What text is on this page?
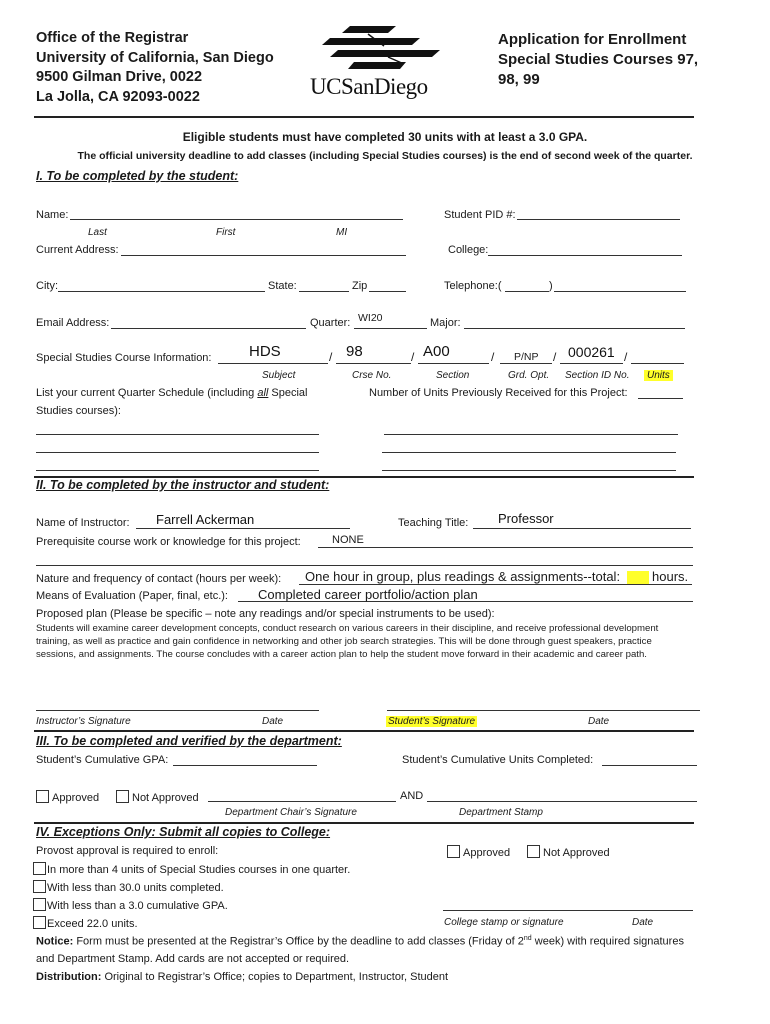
Office of the Registrar
University of California, San Diego
9500 Gilman Drive, 0022
La Jolla, CA 92093-0022	UCSanDiego
Application for Enrollment
Special Studies Courses 97,
98, 99
Eligible students must have completed 30 units with at least a 3.0 GPA.
The official university deadline to add classes (including Special Studies courses) is the end of second week of the quarter.
I. To be completed by the student:
Name:	Student PID #:
Last	First	MI
Current Address:	College:
City:	State:	Zip	Telephone:(	)
Email Address:	Quarter: WI20	Major:
Special Studies Course Information:	/	/	/	/	/
HDS	98	A00	P/NP 000261
Subject	Crse No.	Section	Grd. Opt. Section ID No.	Units
List your current Quarter Schedule (including all Special
Studies courses):
Number of Units Previously Received for this Project:
II. To be completed by the instructor and student:
Name of Instructor: Farrell Ackerman	Teaching Title: Professor
Prerequisite course work or knowledge for this project:	NONE
Nature and frequency of contact (hours per week): One hour in group, plus readings & assignments--total: hours.
Means of Evaluation (Paper, final, etc.): Completed career portfolio/action plan
Proposed plan (Please be specific – note any readings and/or special instruments to be used):
Students will examine career development concepts, conduct research on various careers in their discipline, and receive professional development training, as well as practice and gain confidence in networking and other job search strategies. This will be done through guest speakers, practice sessions, and assignments. The course concludes with a career action plan to help the student move forward in their academic and career path.
Instructor’s Signature	Date	Student’s Signature	Date
III. To be completed and verified by the department:
Student’s Cumulative GPA:	Student’s Cumulative Units Completed:
Approved	Not Approved	AND
Department Chair’s Signature	Department Stamp
IV. Exceptions Only: Submit all copies to College:
Provost approval is required to enroll:	Approved	Not Approved
In more than 4 units of Special Studies courses in one quarter.
With less than 30.0 units completed.
With less than a 3.0 cumulative GPA.
Exceed 22.0 units.	College stamp or signature	Date
Notice: Form must be presented at the Registrar’s Office by the deadline to add classes (Friday of 2nd week) with required signatures
and Department Stamp. Add cards are not accepted or required.
Distribution: Original to Registrar’s Office; copies to Department, Instructor, Student
